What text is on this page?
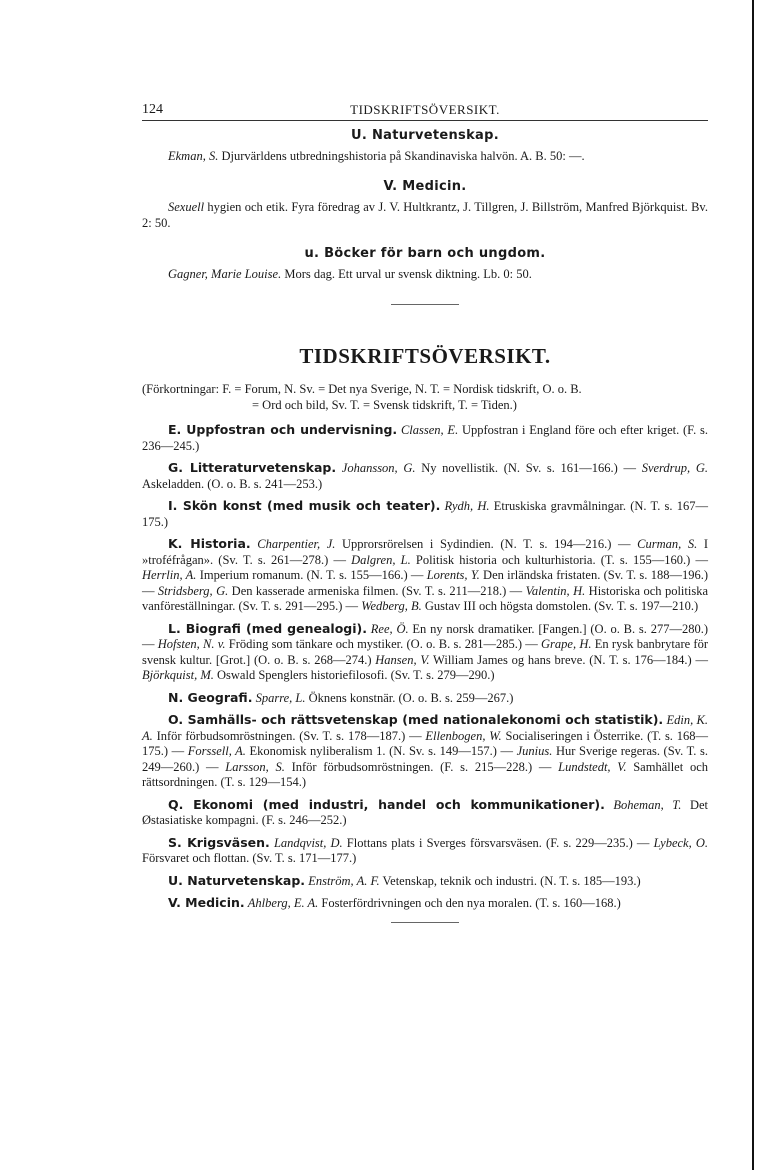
124	TIDSKRIFTSÖVERSIKT.
U. Naturvetenskap.

Ekman, S. Djurvärldens utbredningshistoria på Skandinaviska halvön. A. B. 50: —.

V. Medicin.

Sexuell hygien och etik. Fyra föredrag av J. V. Hultkrantz, J. Tillgren, J. Billström, Manfred Björkquist. Bv. 2: 50.

u. Böcker för barn och ungdom.

Gagner, Marie Louise. Mors dag. Ett urval ur svensk diktning. Lb. 0: 50.

TIDSKRIFTSÖVERSIKT.
(Förkortningar: F. = Forum, N. Sv. = Det nya Sverige, N. T. = Nordisk tidskrift, O. o. B.
= Ord och bild, Sv. T. = Svensk tidskrift, T. = Tiden.)

E. Uppfostran och undervisning. Classen, E. Uppfostran i England före och efter kriget. (F. s. 236—245.)

G. Litteraturvetenskap. Johansson, G. Ny novellistik. (N. Sv. s. 161—166.) — Sverdrup, G. Askeladden. (O. o. B. s. 241—253.)

I. Skön konst (med musik och teater). Rydh, H. Etruskiska gravmålningar. (N. T. s. 167—175.)

K. Historia. Charpentier, J. Upprorsrörelsen i Sydindien. (N. T. s. 194—216.) — Curman, S. I »troféfrågan». (Sv. T. s. 261—278.) — Dalgren, L. Politisk historia och kulturhistoria. (T. s. 155—160.) — Herrlin, A. Imperium romanum. (N. T. s. 155—166.) — Lorents, Y. Den irländska fristaten. (Sv. T. s. 188—196.) — Stridsberg, G. Den kasserade armeniska filmen. (Sv. T. s. 211—218.) — Valentin, H. Historiska och politiska vanföreställningar. (Sv. T. s. 291—295.) — Wedberg, B. Gustav III och högsta domstolen. (Sv. T. s. 197—210.)

L. Biografi (med genealogi). Ree, Ö. En ny norsk dramatiker. [Fangen.] (O. o. B. s. 277—280.) — Hofsten, N. v. Fröding som tänkare och mystiker. (O. o. B. s. 281—285.) — Grape, H. En rysk banbrytare för svensk kultur. [Grot.] (O. o. B. s. 268—274.) Hansen, V. William James og hans breve. (N. T. s. 176—184.) — Björkquist, M. Oswald Spenglers historiefilosofi. (Sv. T. s. 279—290.)

N. Geografi. Sparre, L. Öknens konstnär. (O. o. B. s. 259—267.)

O. Samhälls- och rättsvetenskap (med nationalekonomi och statistik). Edin, K. A. Inför förbudsomröstningen. (Sv. T. s. 178—187.) — Ellenbogen, W. Socialiseringen i Österrike. (T. s. 168—175.) — Forssell, A. Ekonomisk nyliberalism 1. (N. Sv. s. 149—157.) — Junius. Hur Sverige regeras. (Sv. T. s. 249—260.) — Larsson, S. Inför förbudsomröstningen. (F. s. 215—228.) — Lundstedt, V. Samhället och rättsordningen. (T. s. 129—154.)

Q. Ekonomi (med industri, handel och kommunikationer). Boheman, T. Det Østasiatiske kompagni. (F. s. 246—252.)

S. Krigsväsen. Landqvist, D. Flottans plats i Sverges försvarsväsen. (F. s. 229—235.) — Lybeck, O. Försvaret och flottan. (Sv. T. s. 171—177.)

U. Naturvetenskap. Enström, A. F. Vetenskap, teknik och industri. (N. T. s. 185—193.)

V. Medicin. Ahlberg, E. A. Fosterfördrivningen och den nya moralen. (T. s. 160—168.)
